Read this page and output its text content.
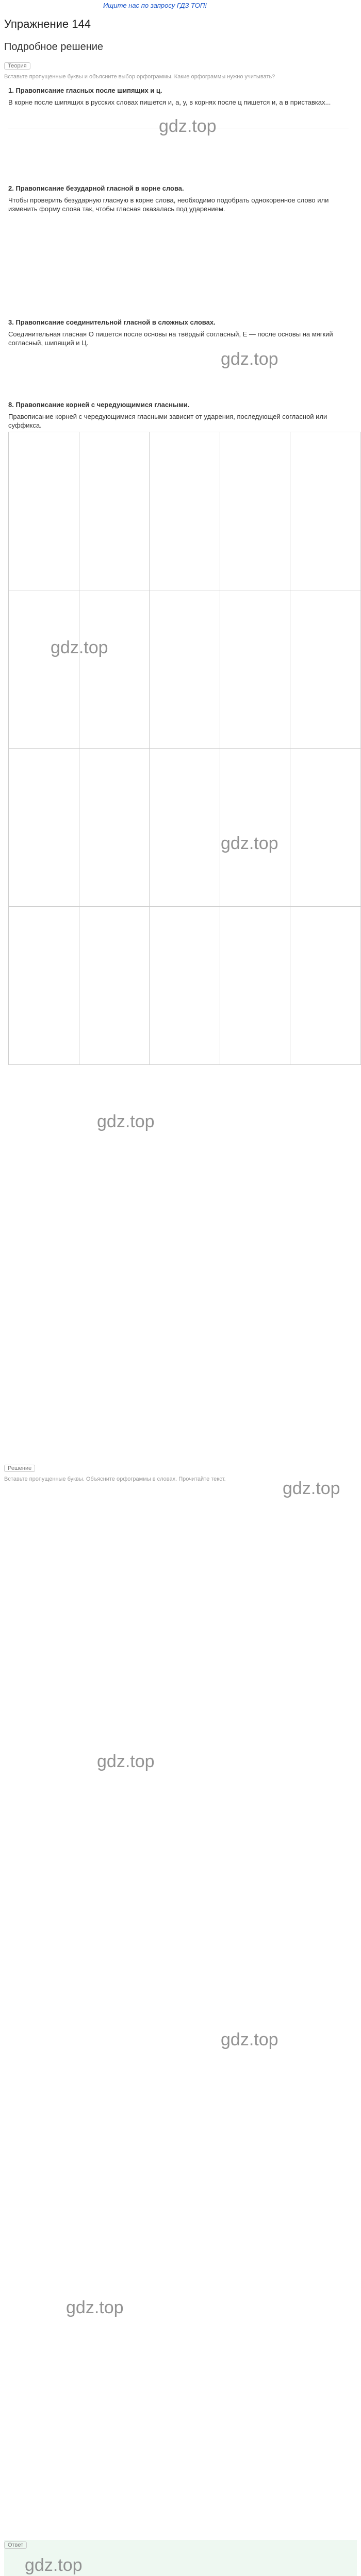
Ищите нас по запросу ГДЗ ТОП!
Упражнение 144
Подробное решение
Теория
Вставьте пропущенные буквы и объясните выбор орфограммы. Какие орфограммы нужно учитывать?
1. Правописание гласных после шипящих и ц.
В корне после шипящих в русских словах пишется и, а, у, в корнях после ц пишется и, а в приставках...
2. Правописание безударной гласной в корне слова.
Чтобы проверить безударную гласную в корне слова, необходимо подобрать однокоренное слово или изменить форму слова так, чтобы гласная оказалась под ударением.
3. Правописание соединительной гласной в сложных словах.
Соединительная гласная О пишется после основы на твёрдый согласный, Е — после основы на мягкий согласный, шипящий и Ц.
8. Правописание корней с чередующимися гласными.
Правописание корней с чередующимися гласными зависит от ударения, последующей согласной или суффикса.

gdz.top
gdz.top
gdz.top
gdz.top
gdz.top
Решение
Вставьте пропущенные буквы. Объясните орфограммы в словах. Прочитайте текст.	gdz.top
gdz.top
gdz.top
gdz.top
Ответ
gdz.top
